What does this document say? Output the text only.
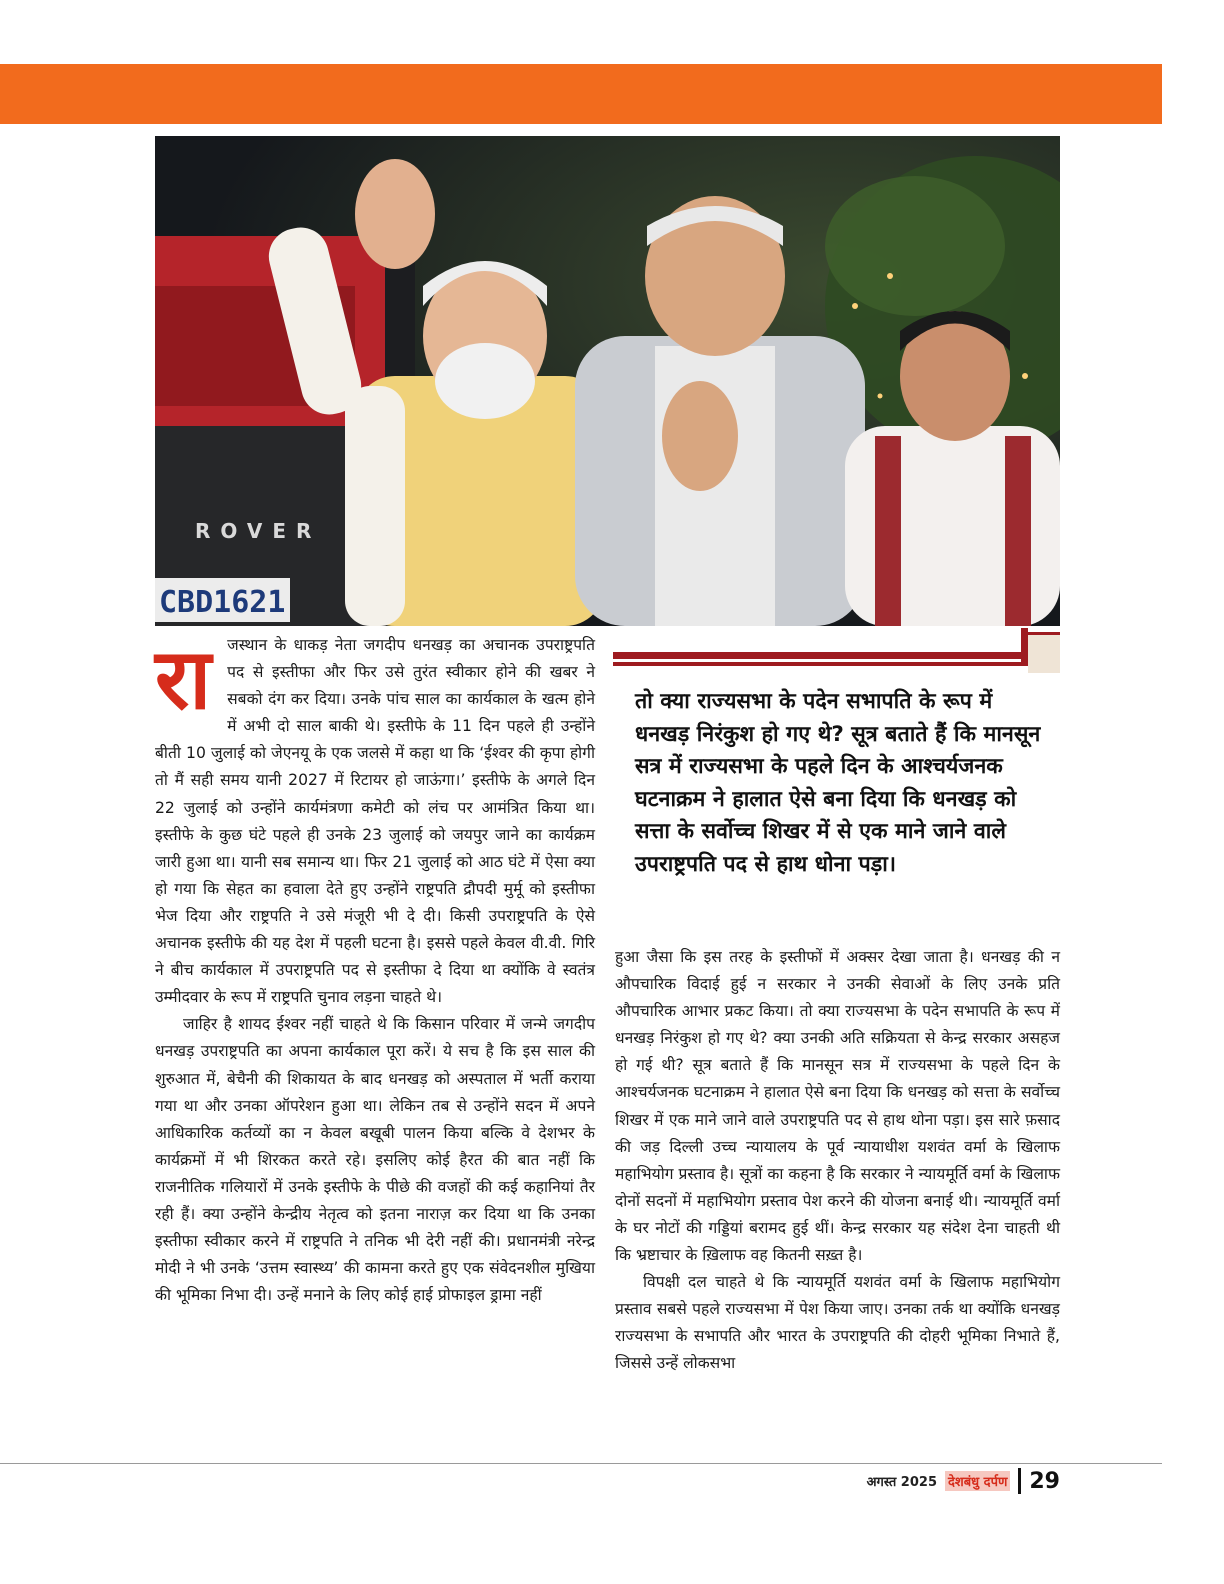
ROVER
CBD1621
तो क्या राज्यसभा के पदेन सभापति के रूप में धनखड़ निरंकुश हो गए थे? सूत्र बताते हैं कि मानसून सत्र में राज्यसभा के पहले दिन के आश्चर्यजनक घटनाक्रम ने हालात ऐसे बना दिया कि धनखड़ को सत्ता के सर्वोच्च शिखर में से एक माने जाने वाले उपराष्ट्रपति पद से हाथ धोना पड़ा।
रा	जस्थान के धाकड़ नेता जगदीप धनखड़ का अचानक उपराष्ट्रपति पद से इस्तीफा और फिर उसे तुरंत स्वीकार होने की खबर ने सबको दंग कर दिया। उनके पांच साल का कार्यकाल के खत्म होने में अभी दो साल बाकी थे। इस्तीफे के 11 दिन पहले ही उन्होंने बीती 10 जुलाई को जेएनयू के एक जलसे में कहा था कि ‘ईश्वर की कृपा होगी तो मैं सही समय यानी 2027 में रिटायर हो जाऊंगा।’ इस्तीफे के अगले दिन 22 जुलाई को उन्होंने कार्यमंत्रणा कमेटी को लंच पर आमंत्रित किया था। इस्तीफे के कुछ घंटे पहले ही उनके 23 जुलाई को जयपुर जाने का कार्यक्रम जारी हुआ था। यानी सब समान्य था। फिर 21 जुलाई को आठ घंटे में ऐसा क्या हो गया कि सेहत का हवाला देते हुए उन्होंने राष्ट्रपति द्रौपदी मुर्मू को इस्तीफा भेज दिया और राष्ट्रपति ने उसे मंजूरी भी दे दी। किसी उपराष्ट्रपति के ऐसे अचानक इस्तीफे की यह देश में पहली घटना है। इससे पहले केवल वी.वी. गिरि ने बीच कार्यकाल में उपराष्ट्रपति पद से इस्तीफा दे दिया था क्योंकि वे स्वतंत्र उम्मीदवार के रूप में राष्ट्रपति चुनाव लड़ना चाहते थे।

जाहिर है शायद ईश्वर नहीं चाहते थे कि किसान परिवार में जन्मे जगदीप धनखड़ उपराष्ट्रपति का अपना कार्यकाल पूरा करें। ये सच है कि इस साल की शुरुआत में, बेचैनी की शिकायत के बाद धनखड़ को अस्पताल में भर्ती कराया गया था और उनका ऑपरेशन हुआ था। लेकिन तब से उन्होंने सदन में अपने आधिकारिक कर्तव्यों का न केवल बखूबी पालन किया बल्कि वे देशभर के कार्यक्रमों में भी शिरकत करते रहे। इसलिए कोई हैरत की बात नहीं कि राजनीतिक गलियारों में उनके इस्तीफे के पीछे की वजहों की कई कहानियां तैर रही हैं। क्या उन्होंने केन्द्रीय नेतृत्व को इतना नाराज़ कर दिया था कि उनका इस्तीफा स्वीकार करने में राष्ट्रपति ने तनिक भी देरी नहीं की। प्रधानमंत्री नरेन्द्र मोदी ने भी उनके ‘उत्तम स्वास्थ्य’ की कामना करते हुए एक संवेदनशील मुखिया की भूमिका निभा दी। उन्हें मनाने के लिए कोई हाई प्रोफाइल ड्रामा नहीं

हुआ जैसा कि इस तरह के इस्तीफों में अक्सर देखा जाता है। धनखड़ की न औपचारिक विदाई हुई न सरकार ने उनकी सेवाओं के लिए उनके प्रति औपचारिक आभार प्रकट किया। तो क्या राज्यसभा के पदेन सभापति के रूप में धनखड़ निरंकुश हो गए थे? क्या उनकी अति सक्रियता से केन्द्र सरकार असहज हो गई थी? सूत्र बताते हैं कि मानसून सत्र में राज्यसभा के पहले दिन के आश्चर्यजनक घटनाक्रम ने हालात ऐसे बना दिया कि धनखड़ को सत्ता के सर्वोच्च शिखर में एक माने जाने वाले उपराष्ट्रपति पद से हाथ थोना पड़ा। इस सारे फ़साद की जड़ दिल्ली उच्च न्यायालय के पूर्व न्यायाधीश यशवंत वर्मा के खिलाफ महाभियोग प्रस्ताव है। सूत्रों का कहना है कि सरकार ने न्यायमूर्ति वर्मा के खिलाफ दोनों सदनों में महाभियोग प्रस्ताव पेश करने की योजना बनाई थी। न्यायमूर्ति वर्मा के घर नोटों की गड्डियां बरामद हुई थीं। केन्द्र सरकार यह संदेश देना चाहती थी कि भ्रष्टाचार के ख़िलाफ वह कितनी सख़्त है।

विपक्षी दल चाहते थे कि न्यायमूर्ति यशवंत वर्मा के खिलाफ महाभियोग प्रस्ताव सबसे पहले राज्यसभा में पेश किया जाए। उनका तर्क था क्योंकि धनखड़ राज्यसभा के सभापति और भारत के उपराष्ट्रपति की दोहरी भूमिका निभाते हैं, जिससे उन्हें लोकसभा

अगस्त 2025 देशबंधु दर्पण 29
